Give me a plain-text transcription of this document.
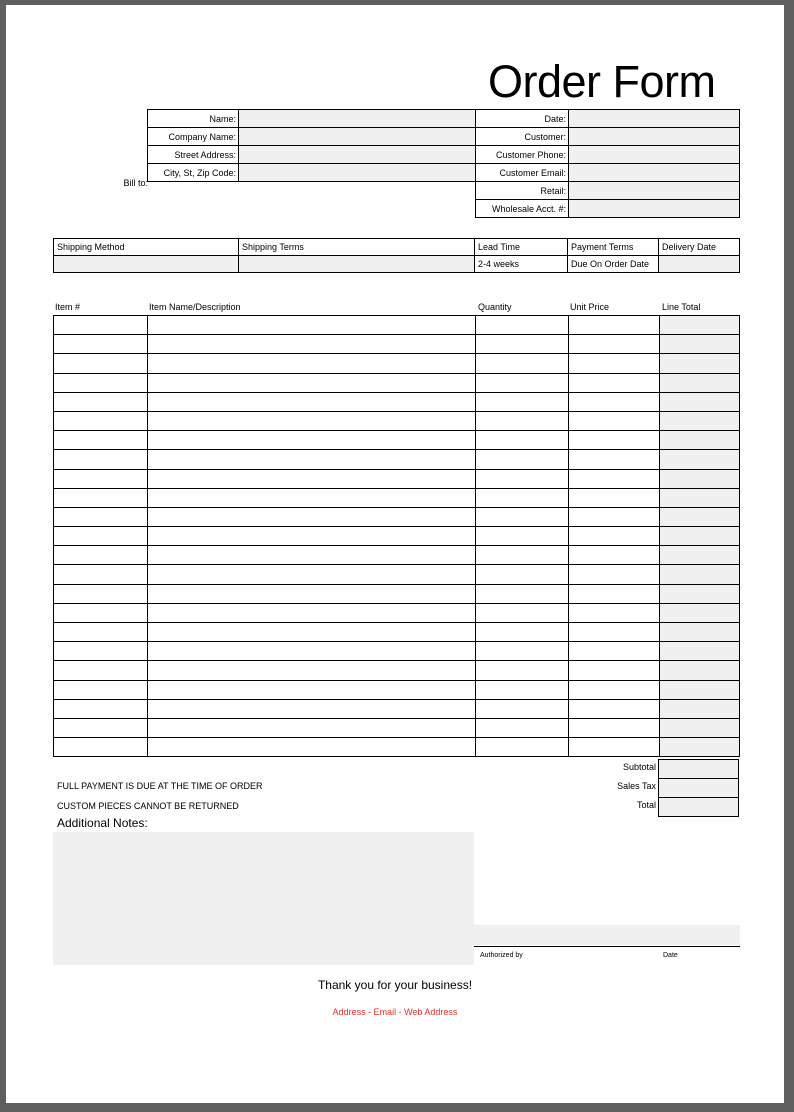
Order Form
Bill to:
Name:
Company Name:
Street Address:
City, St, Zip Code:
Date:
Customer:
Customer Phone:
Customer Email:
Retail:
Wholesale Acct. #:
Shipping Method	Shipping Terms	Lead Time	Payment Terms	Delivery Date
		2-4 weeks	Due On Order Date	
Item #	Item Name/Description	Quantity	Unit Price	Line Total

FULL PAYMENT IS DUE AT THE TIME OF ORDER
CUSTOM PIECES CANNOT BE RETURNED
Subtotal
Sales Tax
Total

Additional Notes:
Authorized by	Date
Thank you for your business!
Address - Email - Web Address
